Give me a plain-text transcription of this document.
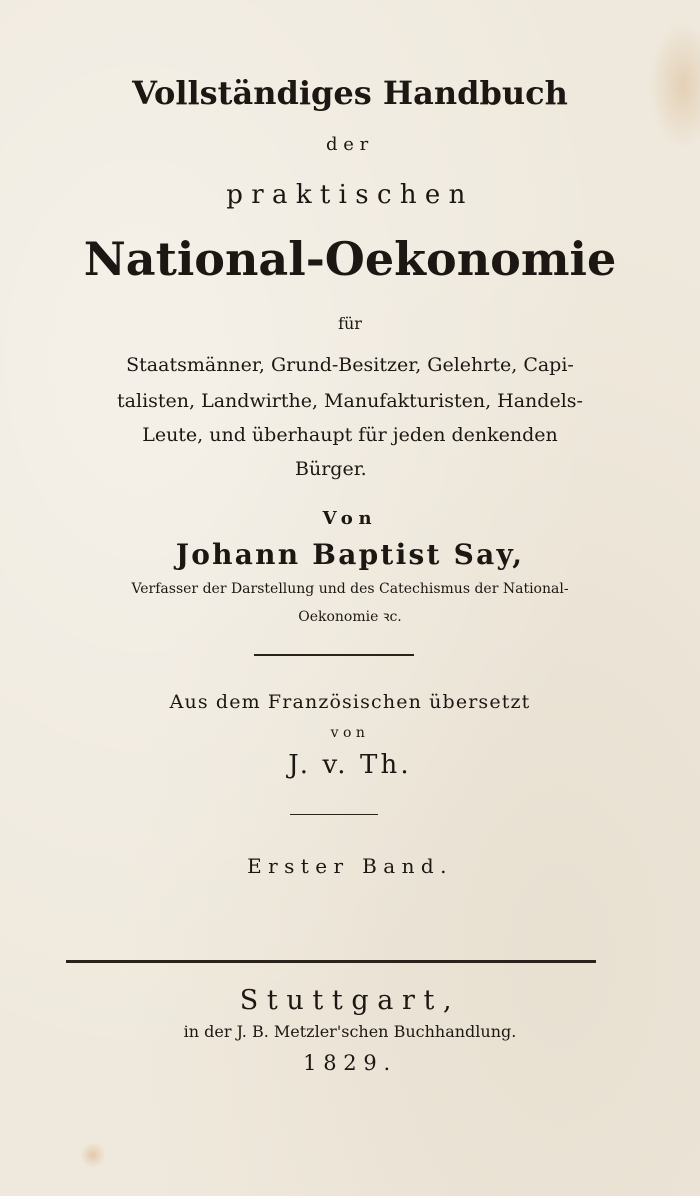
Vollständiges Handbuch
der
praktischen
National-Oekonomie
für
Staatsmänner, Grund-Besitzer, Gelehrte, Capi-
talisten, Landwirthe, Manufakturisten, Handels-
Leute, und überhaupt für jeden denkenden
Bürger.
Von
Johann Baptist Say,
Verfasser der Darstellung und des Catechismus der National-
Oekonomie ꝛc.
Aus dem Französischen übersetzt
von
J. v. Th.
Erster Band.
Stuttgart,
in der J. B. Metzler'schen Buchhandlung.
1829.
